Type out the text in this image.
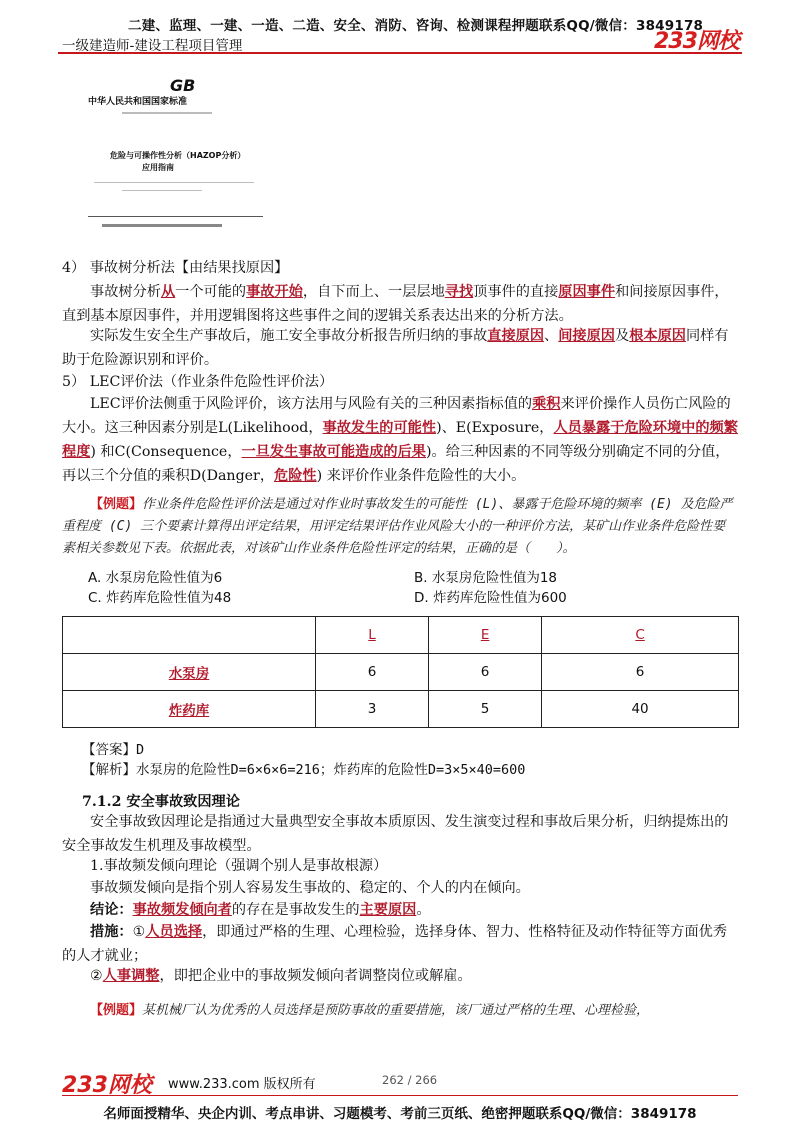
二建、监理、一建、一造、二造、安全、消防、咨询、检测课程押题联系QQ/微信：3849178
一级建造师-建设工程项目管理	233网校
GB
中华人民共和国国家标准
危险与可操作性分析（HAZOP分析）
应用指南
4） 事故树分析法【由结果找原因】
事故树分析从一个可能的事故开始，自下而上、一层层地寻找顶事件的直接原因事件和间接原因事件，直到基本原因事件，并用逻辑图将这些事件之间的逻辑关系表达出来的分析方法。
实际发生安全生产事故后，施工安全事故分析报告所归纳的事故直接原因、间接原因及根本原因同样有助于危险源识别和评价。
5） LEC评价法（作业条件危险性评价法）
LEC评价法侧重于风险评价，该方法用与风险有关的三种因素指标值的乘积来评价操作人员伤亡风险的大小。这三种因素分别是L(Likelihood，事故发生的可能性)、E(Exposure，人员暴露于危险环境中的频繁程度) 和C(Consequence，一旦发生事故可能造成的后果)。给三种因素的不同等级分别确定不同的分值，再以三个分值的乘积D(Danger，危险性) 来评价作业条件危险性的大小。
【例题】作业条件危险性评价法是通过对作业时事故发生的可能性 (L)、暴露于危险环境的频率 (E) 及危险严重程度 (C) 三个要素计算得出评定结果，用评定结果评估作业风险大小的一种评价方法，某矿山作业条件危险性要素相关参数见下表。依据此表，对该矿山作业条件危险性评定的结果，正确的是（　　）。
A. 水泵房危险性值为6	B. 水泵房危险性值为18
C. 炸药库危险性值为48	D. 炸药库危险性值为600
	L	E	C
水泵房	6	6	6
炸药库	3	5	40
【答案】D
【解析】水泵房的危险性D=6×6×6=216；炸药库的危险性D=3×5×40=600
7.1.2 安全事故致因理论
安全事故致因理论是指通过大量典型安全事故本质原因、发生演变过程和事故后果分析，归纳提炼出的安全事故发生机理及事故模型。
1.事故频发倾向理论（强调个别人是事故根源）
事故频发倾向是指个别人容易发生事故的、稳定的、个人的内在倾向。
结论：事故频发倾向者的存在是事故发生的主要原因。
措施：①人员选择，即通过严格的生理、心理检验，选择身体、智力、性格特征及动作特征等方面优秀的人才就业；
②人事调整，即把企业中的事故频发倾向者调整岗位或解雇。
【例题】某机械厂认为优秀的人员选择是预防事故的重要措施，该厂通过严格的生理、心理检验，
233网校 www.233.com 版权所有	262 / 266
名师面授精华、央企内训、考点串讲、习题模考、考前三页纸、绝密押题联系QQ/微信：3849178
